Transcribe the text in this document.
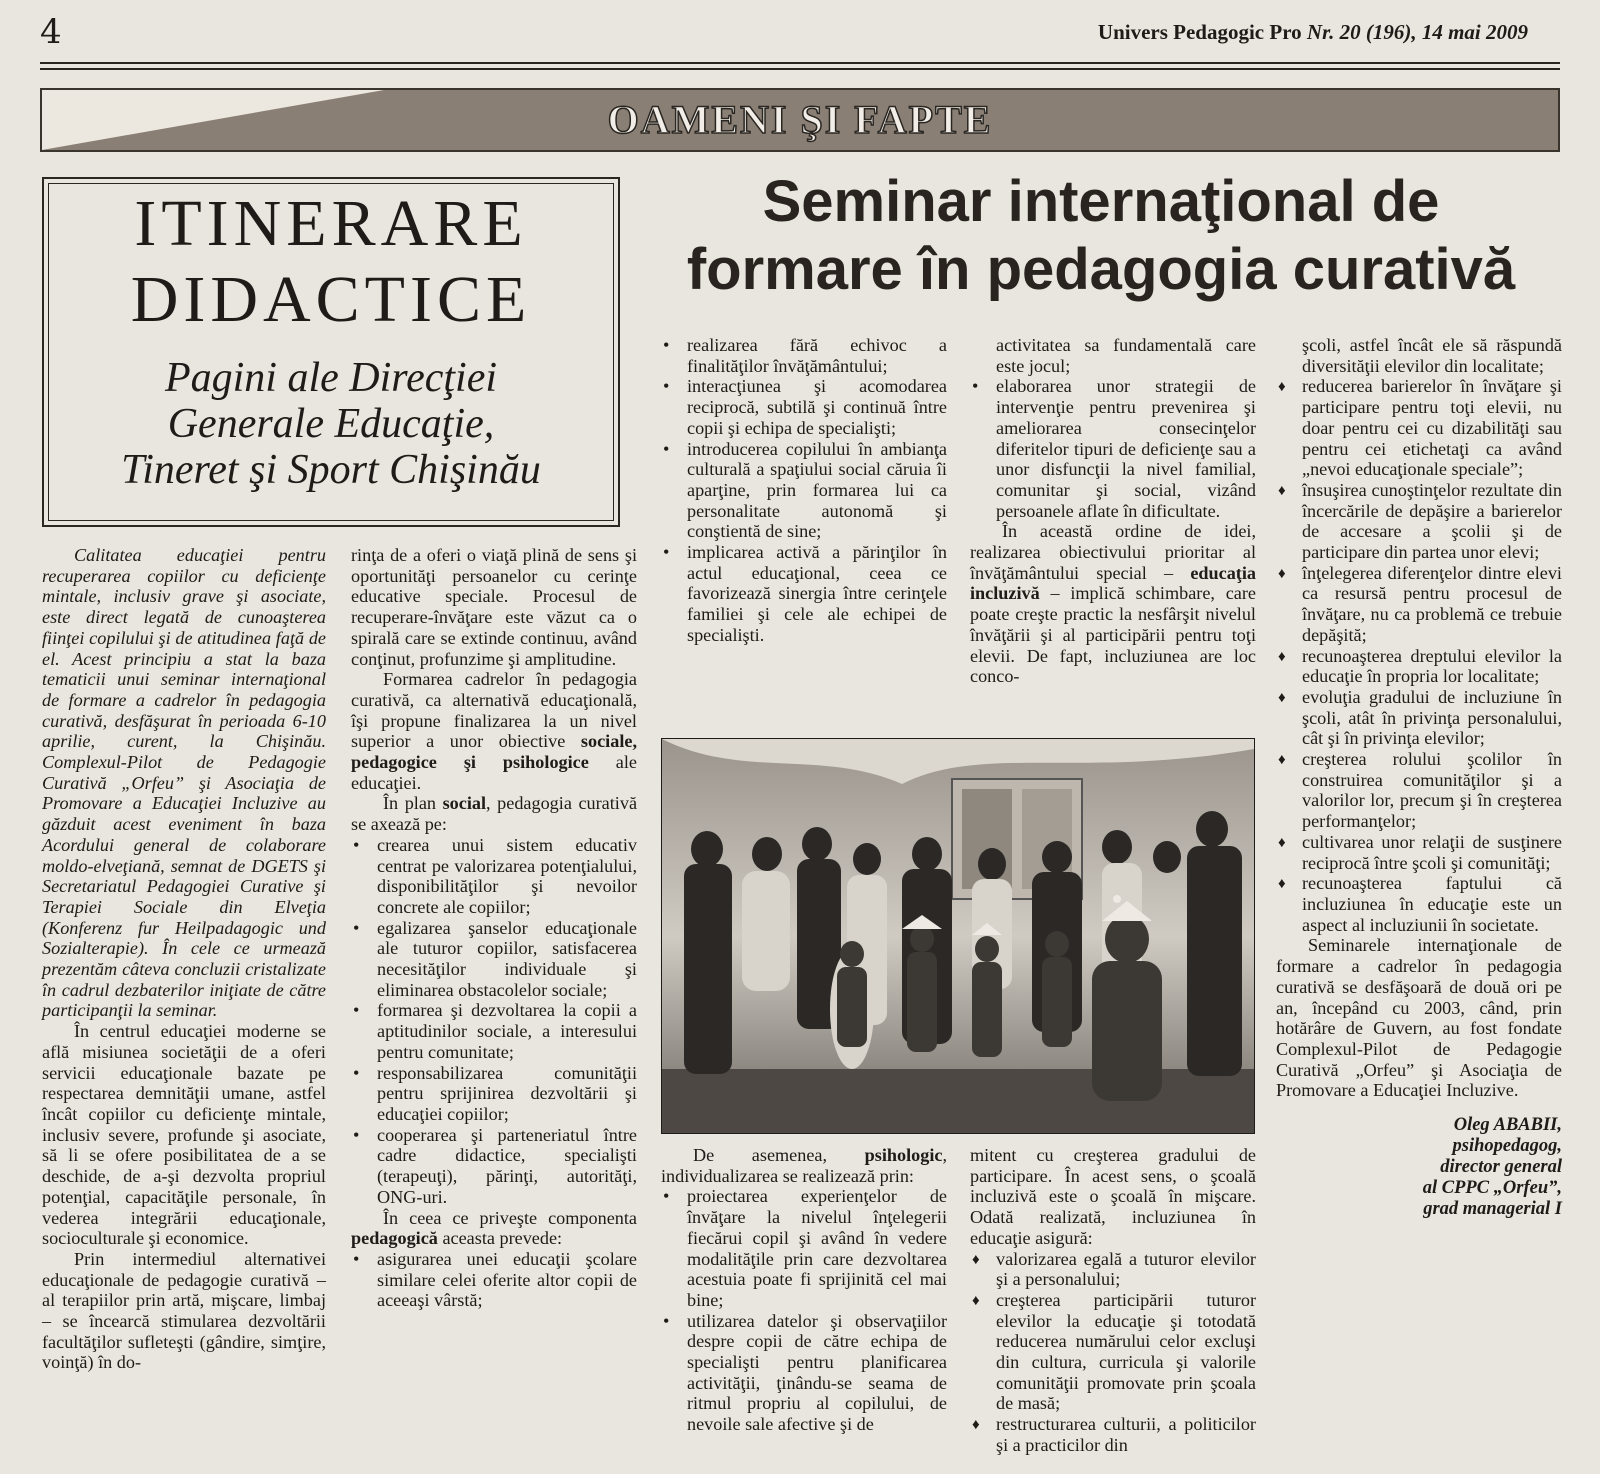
4	Univers Pedagogic Pro Nr. 20 (196), 14 mai 2009
OAMENI ŞI FAPTE
ITINERARE
DIDACTICE
Pagini ale Direcţiei
Generale Educaţie,
Tineret şi Sport Chişinău
Seminar internaţional de
formare în pedagogia curativă

Calitatea educaţiei pentru recuperarea copiilor cu deficienţe mintale, inclusiv grave şi asociate, este direct legată de cunoaşterea fiinţei copilului şi de atitudinea faţă de el. Acest principiu a stat la baza tematicii unui seminar internaţional de formare a cadrelor în pedagogia curativă, desfăşurat în perioada 6-10 aprilie, curent, la Chişinău. Complexul-Pilot de Pedagogie Curativă „Orfeu” şi Asociaţia de Promovare a Educaţiei Incluzive au găzduit acest eveniment în baza Acordului general de colaborare moldo-elveţiană, semnat de DGETS şi Secretariatul Pedagogiei Curative şi Terapiei Sociale din Elveţia (Konferenz fur Heilpadagogic und Sozialterapie). În cele ce urmează prezentăm câteva concluzii cristalizate în cadrul dezbaterilor iniţiate de către participanţii la seminar.

În centrul educaţiei moderne se află misiunea societăţii de a oferi servicii educaţionale bazate pe respectarea demnităţii umane, astfel încât copiilor cu deficienţe mintale, inclusiv severe, profunde şi asociate, să li se ofere posibilitatea de a se deschide, de a-şi dezvolta propriul potenţial, capacităţile personale, în vederea integrării educaţionale, socioculturale şi economice.

Prin intermediul alternativei educaţionale de pedagogie curativă – al terapiilor prin artă, mişcare, limbaj – se încearcă stimularea dezvoltării facultăţilor sufleteşti (gândire, simţire, voinţă) în do-

rinţa de a oferi o viaţă plină de sens şi oportunităţi persoanelor cu cerinţe educative speciale. Procesul de recuperare-învăţare este văzut ca o spirală care se extinde continuu, având conţinut, profunzime şi amplitudine.

Formarea cadrelor în pedagogia curativă, ca alternativă educaţională, îşi propune finalizarea la un nivel superior a unor obiective sociale, pedagogice şi psihologice ale educaţiei.

În plan social, pedagogia curativă se axează pe:

• crearea unui sistem educativ centrat pe valorizarea potenţialului, disponibilităţilor şi nevoilor concrete ale copiilor;
• egalizarea şanselor educaţionale ale tuturor copiilor, satisfacerea necesităţilor individuale şi eliminarea obstacolelor sociale;
• formarea şi dezvoltarea la copii a aptitudinilor sociale, a interesului pentru comunitate;
• responsabilizarea comunităţii pentru sprijinirea dezvoltării şi educaţiei copiilor;
• cooperarea şi parteneriatul între cadre didactice, specialişti (terapeuţi), părinţi, autorităţi, ONG-uri.

În ceea ce priveşte componenta pedagogică aceasta prevede:

• asigurarea unei educaţii şcolare similare celei oferite altor copii de aceeaşi vârstă;
• realizarea fără echivoc a finalităţilor învăţământului;
• interacţiunea şi acomodarea reciprocă, subtilă şi continuă între copii şi echipa de specialişti;
• introducerea copilului în ambianţa culturală a spaţiului social căruia îi aparţine, prin formarea lui ca personalitate autonomă şi conştientă de sine;
• implicarea activă a părinţilor în actul educaţional, ceea ce favorizează sinergia între cerinţele familiei şi cele ale echipei de specialişti.

activitatea sa fundamentală care este jocul;

• elaborarea unor strategii de intervenţie pentru prevenirea şi ameliorarea consecinţelor diferitelor tipuri de deficienţe sau a unor disfuncţii la nivel familial, comunitar şi social, vizând persoanele aflate în dificultate.

În această ordine de idei, realizarea obiectivului prioritar al învăţământului special – educaţia incluzivă – implică schimbare, care poate creşte practic la nesfârşit nivelul învăţării şi al participării pentru toţi elevii. De fapt, incluziunea are loc conco-

De asemenea, psihologic, individualizarea se realizează prin:

• proiectarea experienţelor de învăţare la nivelul înţelegerii fiecărui copil şi având în vedere modalităţile prin care dezvoltarea acestuia poate fi sprijinită cel mai bine;
• utilizarea datelor şi observaţiilor despre copii de către echipa de specialişti pentru planificarea activităţii, ţinându-se seama de ritmul propriu al copilului, de nevoile sale afective şi de

mitent cu creşterea gradului de participare. În acest sens, o şcoală incluzivă este o şcoală în mişcare. Odată realizată, incluziunea în educaţie asigură:

♦ valorizarea egală a tuturor elevilor şi a personalului;
♦ creşterea participării tuturor elevilor la educaţie şi totodată reducerea numărului celor excluşi din cultura, curricula şi valorile comunităţii promovate prin şcoala de masă;
♦ restructurarea culturii, a politicilor şi a practicilor din

şcoli, astfel încât ele să răspundă diversităţii elevilor din localitate;

♦ reducerea barierelor în învăţare şi participare pentru toţi elevii, nu doar pentru cei cu dizabilităţi sau pentru cei etichetaţi ca având „nevoi educaţionale speciale”;
♦ însuşirea cunoştinţelor rezultate din încercările de depăşire a barierelor de accesare a şcolii şi de participare din partea unor elevi;
♦ înţelegerea diferenţelor dintre elevi ca resursă pentru procesul de învăţare, nu ca problemă ce trebuie depăşită;
♦ recunoaşterea dreptului elevilor la educaţie în propria lor localitate;
♦ evoluţia gradului de incluziune în şcoli, atât în privinţa personalului, cât şi în privinţa elevilor;
♦ creşterea rolului şcolilor în construirea comunităţilor şi a valorilor lor, precum şi în creşterea performanţelor;
♦ cultivarea unor relaţii de susţinere reciprocă între şcoli şi comunităţi;
♦ recunoaşterea faptului că incluziunea în educaţie este un aspect al incluziunii în societate.

Seminarele internaţionale de formare a cadrelor în pedagogia curativă se desfăşoară de două ori pe an, începând cu 2003, când, prin hotărâre de Guvern, au fost fondate Complexul-Pilot de Pedagogie Curativă „Orfeu” şi Asociaţia de Promovare a Educaţiei Incluzive.

Oleg ABABII,
psihopedagog,
director general
al CPPC „Orfeu”,
grad managerial I
